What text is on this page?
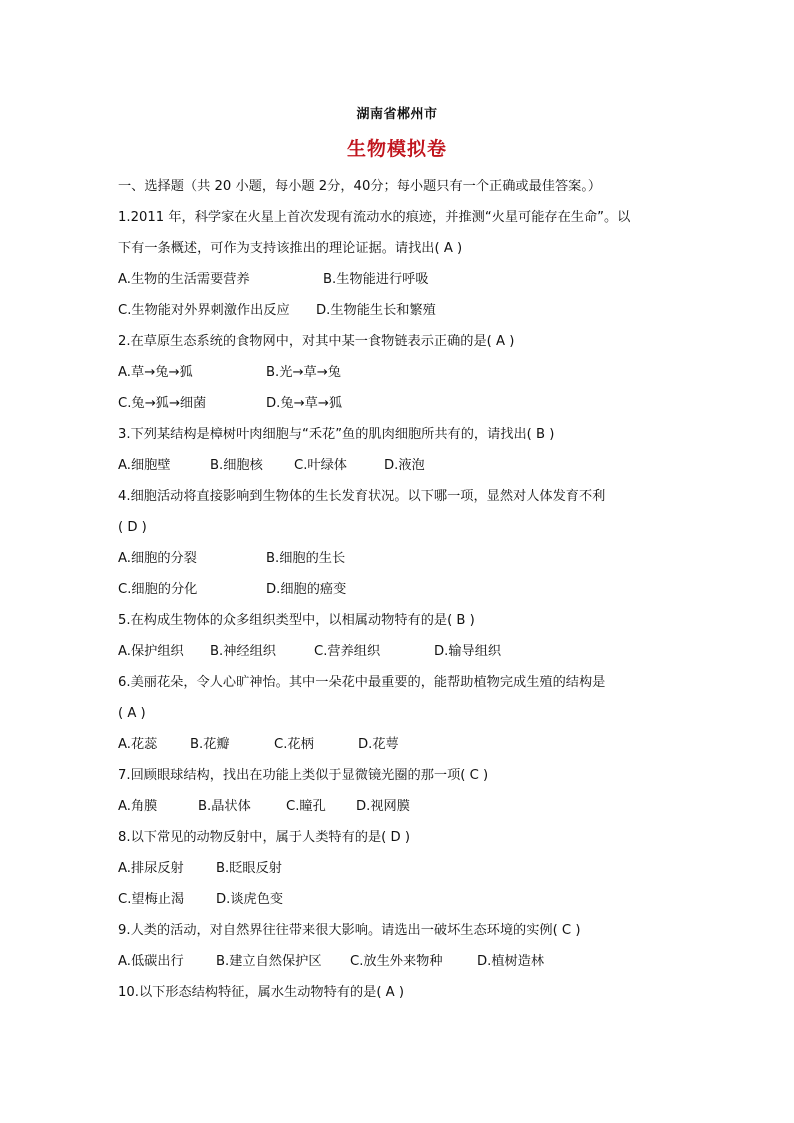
湖南省郴州市
生物模拟卷
一、选择题（共 20 小题，每小题 2分，40分；每小题只有一个正确或最佳答案。）
1.2011 年，科学家在火星上首次发现有流动水的痕迹，并推测“火星可能存在生命”。以
下有一条概述，可作为支持该推出的理论证据。请找出( A )
A.生物的生活需要营养	B.生物能进行呼吸
C.生物能对外界刺激作出反应	D.生物能生长和繁殖
2.在草原生态系统的食物网中，对其中某一食物链表示正确的是( A )
A.草→兔→狐	B.光→草→兔
C.兔→狐→细菌	D.兔→草→狐
3.下列某结构是樟树叶肉细胞与“禾花”鱼的肌肉细胞所共有的，请找出( B )
A.细胞壁	B.细胞核	C.叶绿体	D.液泡
4.细胞活动将直接影响到生物体的生长发育状况。以下哪一项，显然对人体发育不利
( D )
A.细胞的分裂	B.细胞的生长
C.细胞的分化	D.细胞的癌变
5.在构成生物体的众多组织类型中，以相属动物特有的是( B )
A.保护组织	B.神经组织	C.营养组织	D.输导组织
6.美丽花朵，令人心旷神怡。其中一朵花中最重要的，能帮助植物完成生殖的结构是
( A )
A.花蕊	B.花瓣	C.花柄	D.花萼
7.回顾眼球结构，找出在功能上类似于显微镜光圈的那一项( C )
A.角膜	B.晶状体	C.瞳孔	D.视网膜
8.以下常见的动物反射中，属于人类特有的是( D )
A.排尿反射	B.眨眼反射
C.望梅止渴	D.谈虎色变
9.人类的活动，对自然界往往带来很大影响。请选出一破坏生态环境的实例( C )
A.低碳出行	B.建立自然保护区	C.放生外来物种	D.植树造林
10.以下形态结构特征，属水生动物特有的是( A )
